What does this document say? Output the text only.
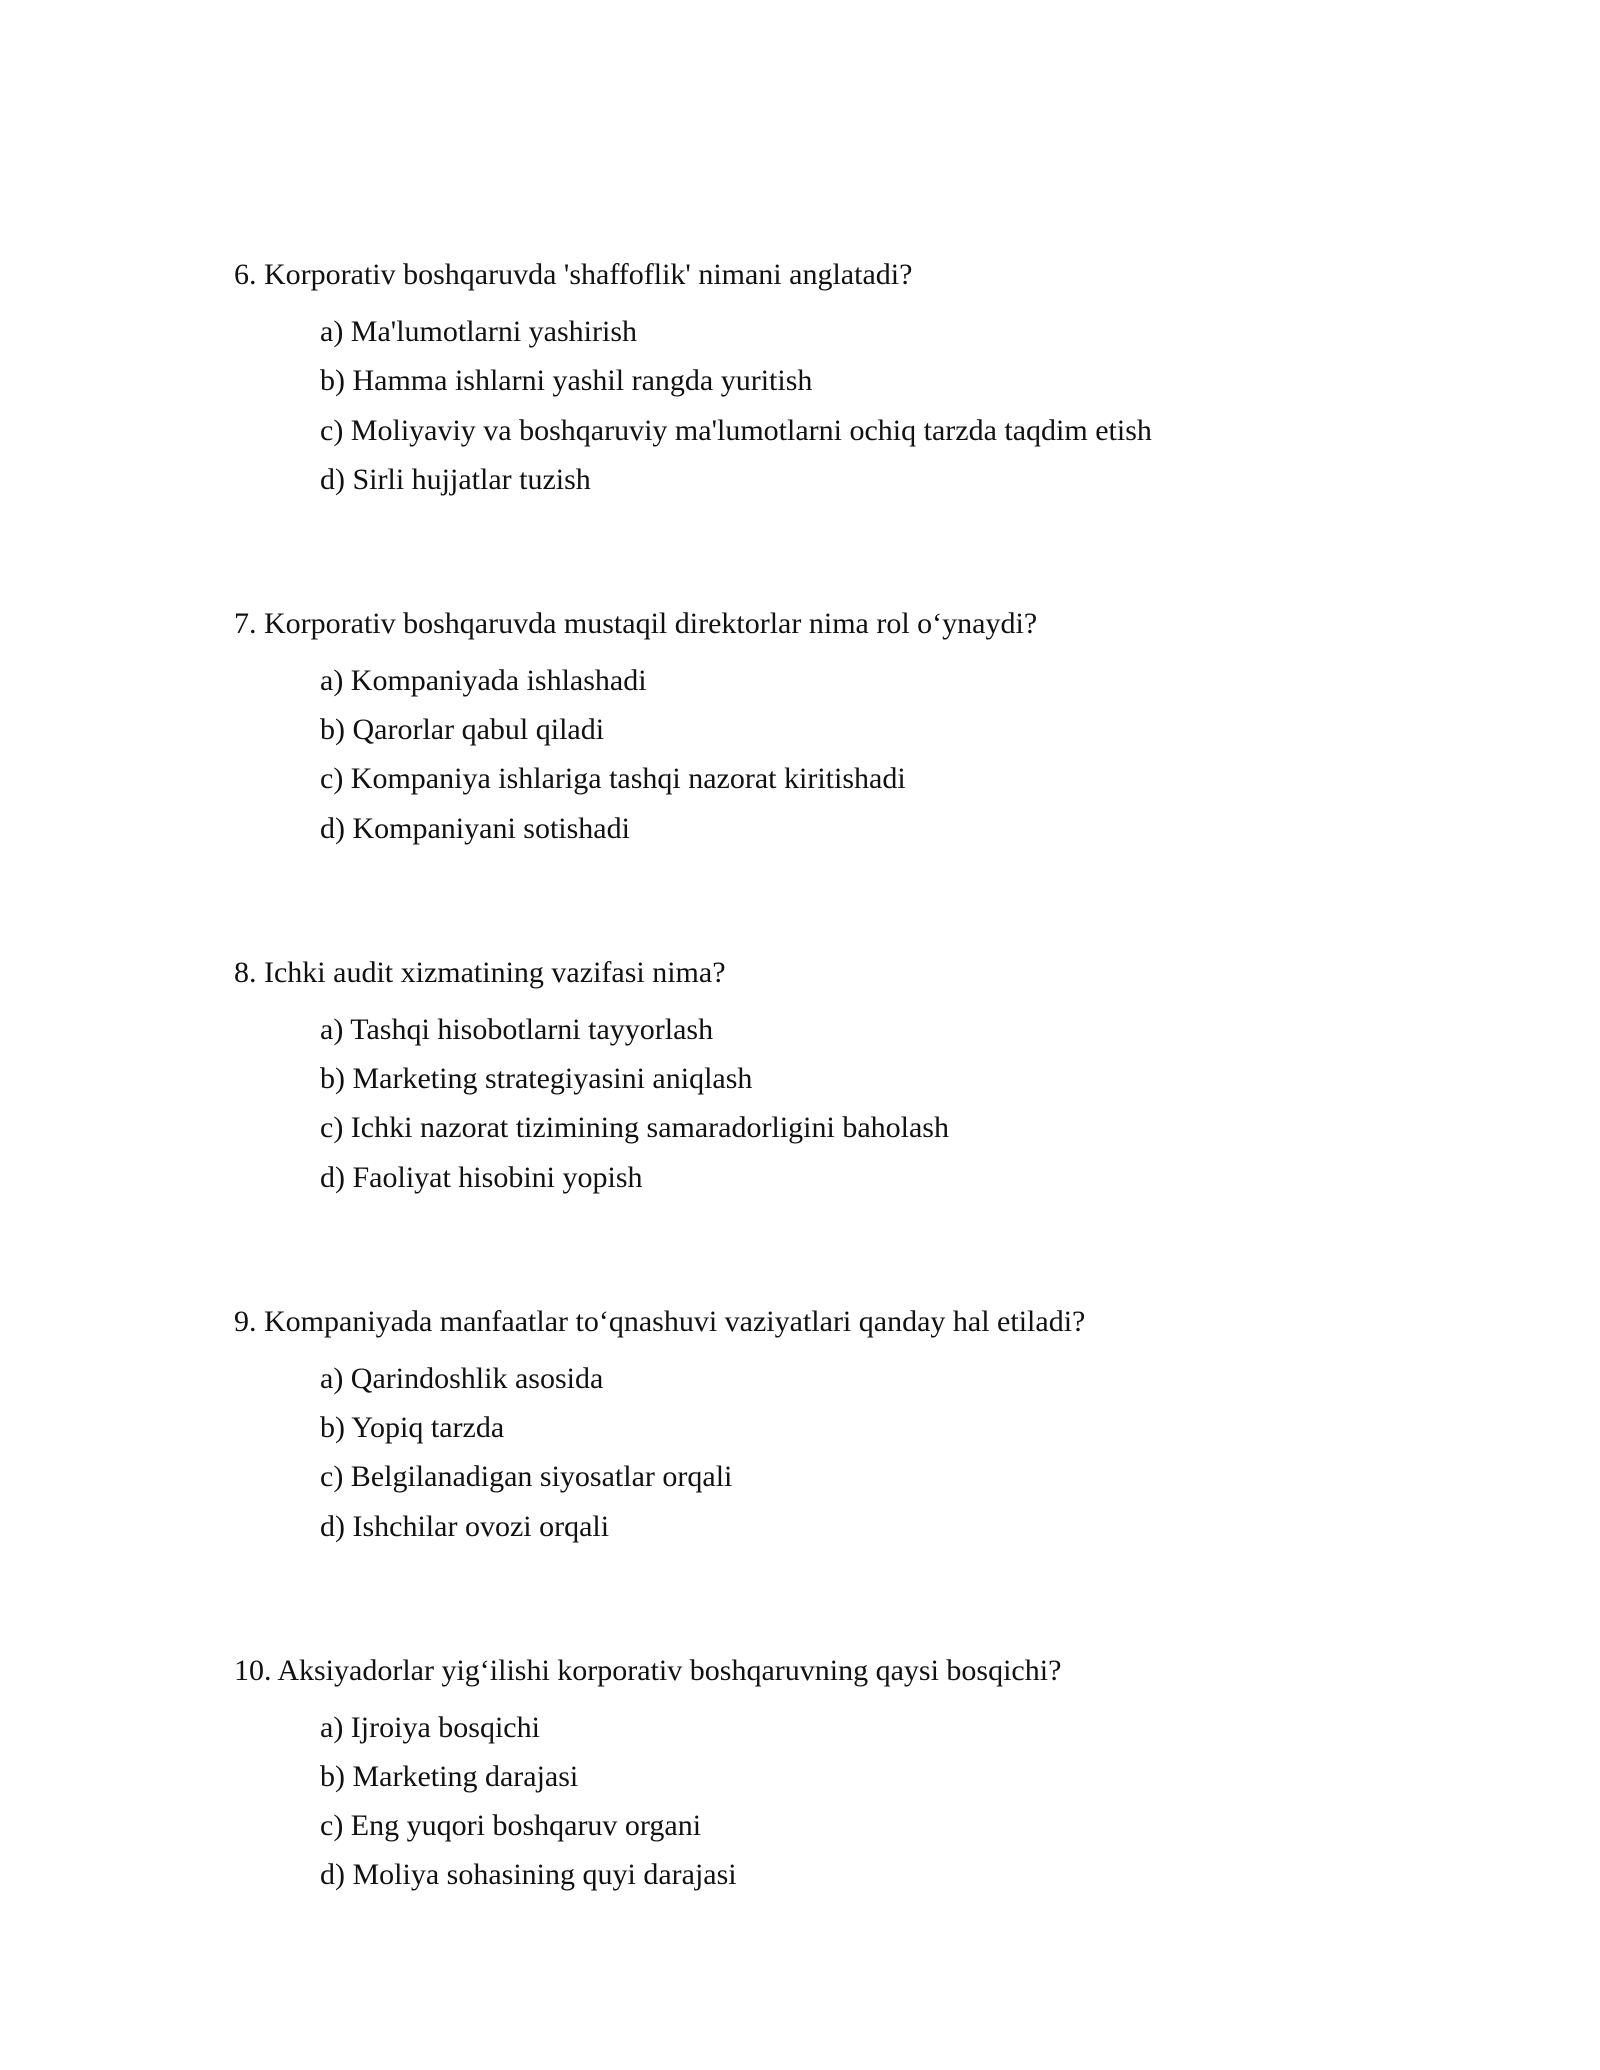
6. Korporativ boshqaruvda 'shaffoflik' nimani anglatadi?
a) Ma'lumotlarni yashirish
b) Hamma ishlarni yashil rangda yuritish
c) Moliyaviy va boshqaruviy ma'lumotlarni ochiq tarzda taqdim etish
d) Sirli hujjatlar tuzish
7. Korporativ boshqaruvda mustaqil direktorlar nima rol o‘ynaydi?
a) Kompaniyada ishlashadi
b) Qarorlar qabul qiladi
c) Kompaniya ishlariga tashqi nazorat kiritishadi
d) Kompaniyani sotishadi
8. Ichki audit xizmatining vazifasi nima?
a) Tashqi hisobotlarni tayyorlash
b) Marketing strategiyasini aniqlash
c) Ichki nazorat tizimining samaradorligini baholash
d) Faoliyat hisobini yopish
9. Kompaniyada manfaatlar to‘qnashuvi vaziyatlari qanday hal etiladi?
a) Qarindoshlik asosida
b) Yopiq tarzda
c) Belgilanadigan siyosatlar orqali
d) Ishchilar ovozi orqali
10. Aksiyadorlar yig‘ilishi korporativ boshqaruvning qaysi bosqichi?
a) Ijroiya bosqichi
b) Marketing darajasi
c) Eng yuqori boshqaruv organi
d) Moliya sohasining quyi darajasi
